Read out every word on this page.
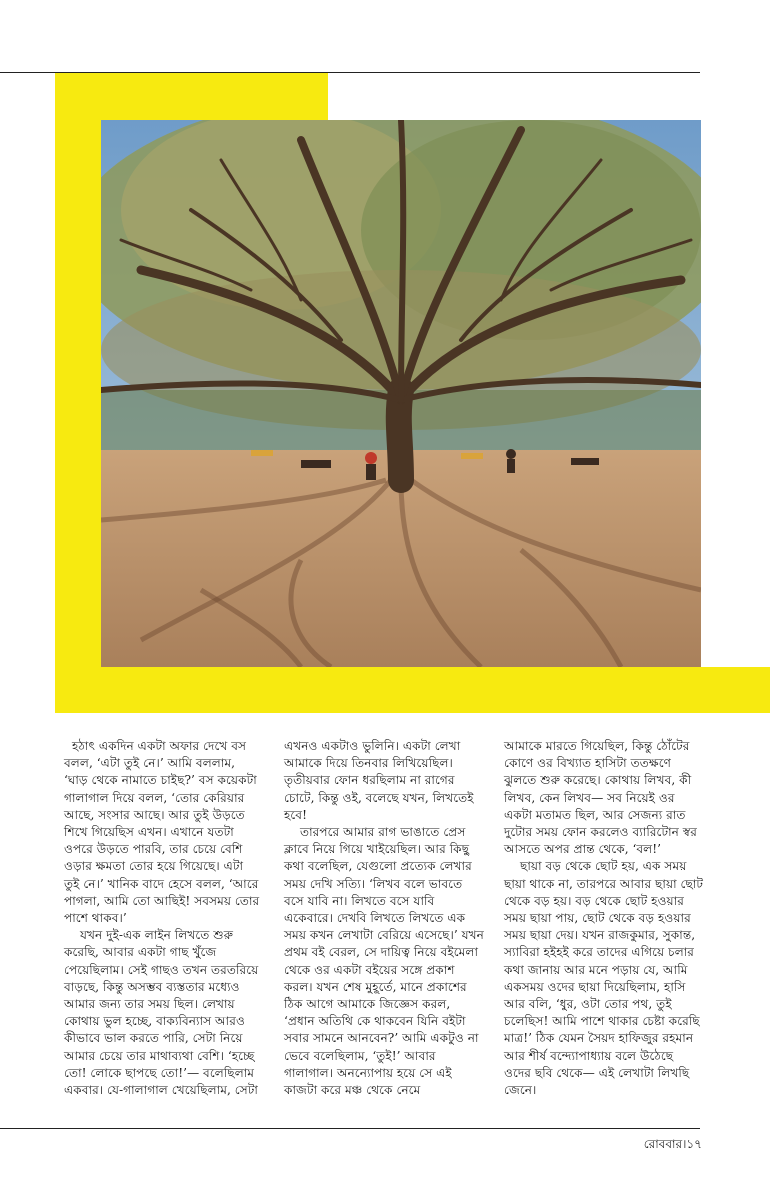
হঠাৎ একদিন একটা অফার দেখে বস বলল, ‘এটা তুই নে।’ আমি বললাম, ‘ঘাড় থেকে নামাতে চাইছ?’ বস কয়েকটা গালাগাল দিয়ে বলল, ‘তোর কেরিয়ার আছে, সংসার আছে। আর তুই উড়তে শিখে গিয়েছিস এখন। এখানে যতটা ওপরে উড়তে পারবি, তার চেয়ে বেশি ওড়ার ক্ষমতা তোর হয়ে গিয়েছে। এটা তুই নে।’ খানিক বাদে হেসে বলল, ‘আরে পাগলা, আমি তো আছিই! সবসময় তোর পাশে থাকব।’

যখন দুই-এক লাইন লিখতে শুরু করেছি, আবার একটা গাছ খুঁজে পেয়েছিলাম। সেই গাছও তখন তরতরিয়ে বাড়ছে, কিন্তু অসম্ভব ব্যস্ততার মধ্যেও আমার জন্য তার সময় ছিল। লেখায় কোথায় ভুল হচ্ছে, বাক্যবিন্যাস আরও কীভাবে ভাল করতে পারি, সেটা নিয়ে আমার চেয়ে তার মাথাব্যথা বেশি। ‘হচ্ছে তো! লোকে ছাপছে তো!’— বলেছিলাম একবার। যে-গালাগাল খেয়েছিলাম, সেটা

এখনও একটাও ভুলিনি। একটা লেখা আমাকে দিয়ে তিনবার লিখিয়েছিল। তৃতীয়বার ফোন ধরছিলাম না রাগের চোটে, কিন্তু ওই, বলেছে যখন, লিখতেই হবে!

তারপরে আমার রাগ ভাঙাতে প্রেস ক্লাবে নিয়ে গিয়ে খাইয়েছিল। আর কিছু কথা বলেছিল, যেগুলো প্রত্যেক লেখার সময় দেখি সত্যি। ‘লিখব বলে ভাবতে বসে যাবি না। লিখতে বসে যাবি একেবারে। দেখবি লিখতে লিখতে এক সময় কখন লেখাটা বেরিয়ে এসেছে।’ যখন প্রথম বই বেরল, সে দায়িত্ব নিয়ে বইমেলা থেকে ওর একটা বইয়ের সঙ্গে প্রকাশ করল। যখন শেষ মুহূর্তে, মানে প্রকাশের ঠিক আগে আমাকে জিজ্ঞেস করল, ‘প্রধান অতিথি কে থাকবেন যিনি বইটা সবার সামনে আনবেন?’ আমি একটুও না ভেবে বলেছিলাম, ‘তুই!’ আবার গালাগাল। অনন্যোপায় হয়ে সে এই কাজটা করে মঞ্চ থেকে নেমে

আমাকে মারতে গিয়েছিল, কিন্তু ঠোঁটের কোণে ওর বিখ্যাত হাসিটা ততক্ষণে ঝুলতে শুরু করেছে। কোথায় লিখব, কী লিখব, কেন লিখব— সব নিয়েই ওর একটা মতামত ছিল, আর সেজন্য রাত দুটোর সময় ফোন করলেও ব্যারিটোন স্বর আসতে অপর প্রান্ত থেকে, ‘বল!’

ছায়া বড় থেকে ছোট হয়, এক সময় ছায়া থাকে না, তারপরে আবার ছায়া ছোট থেকে বড় হয়। বড় থেকে ছোট হওয়ার সময় ছায়া পায়, ছোট থেকে বড় হওয়ার সময় ছায়া দেয়। যখন রাজকুমার, সুকান্ত, স্যাবিরা হইহই করে তাদের এগিয়ে চলার কথা জানায় আর মনে পড়ায় যে, আমি একসময় ওদের ছায়া দিয়েছিলাম, হাসি আর বলি, ‘ধুর, ওটা তোর পথ, তুই চলেছিস! আমি পাশে থাকার চেষ্টা করেছি মাত্র!’ ঠিক যেমন সৈয়দ হাফিজুর রহমান আর শীর্ষ বন্দ্যোপাধ্যায় বলে উঠেছে ওদের ছবি থেকে— এই লেখাটা লিখছি জেনে।

রোববার।১৭
